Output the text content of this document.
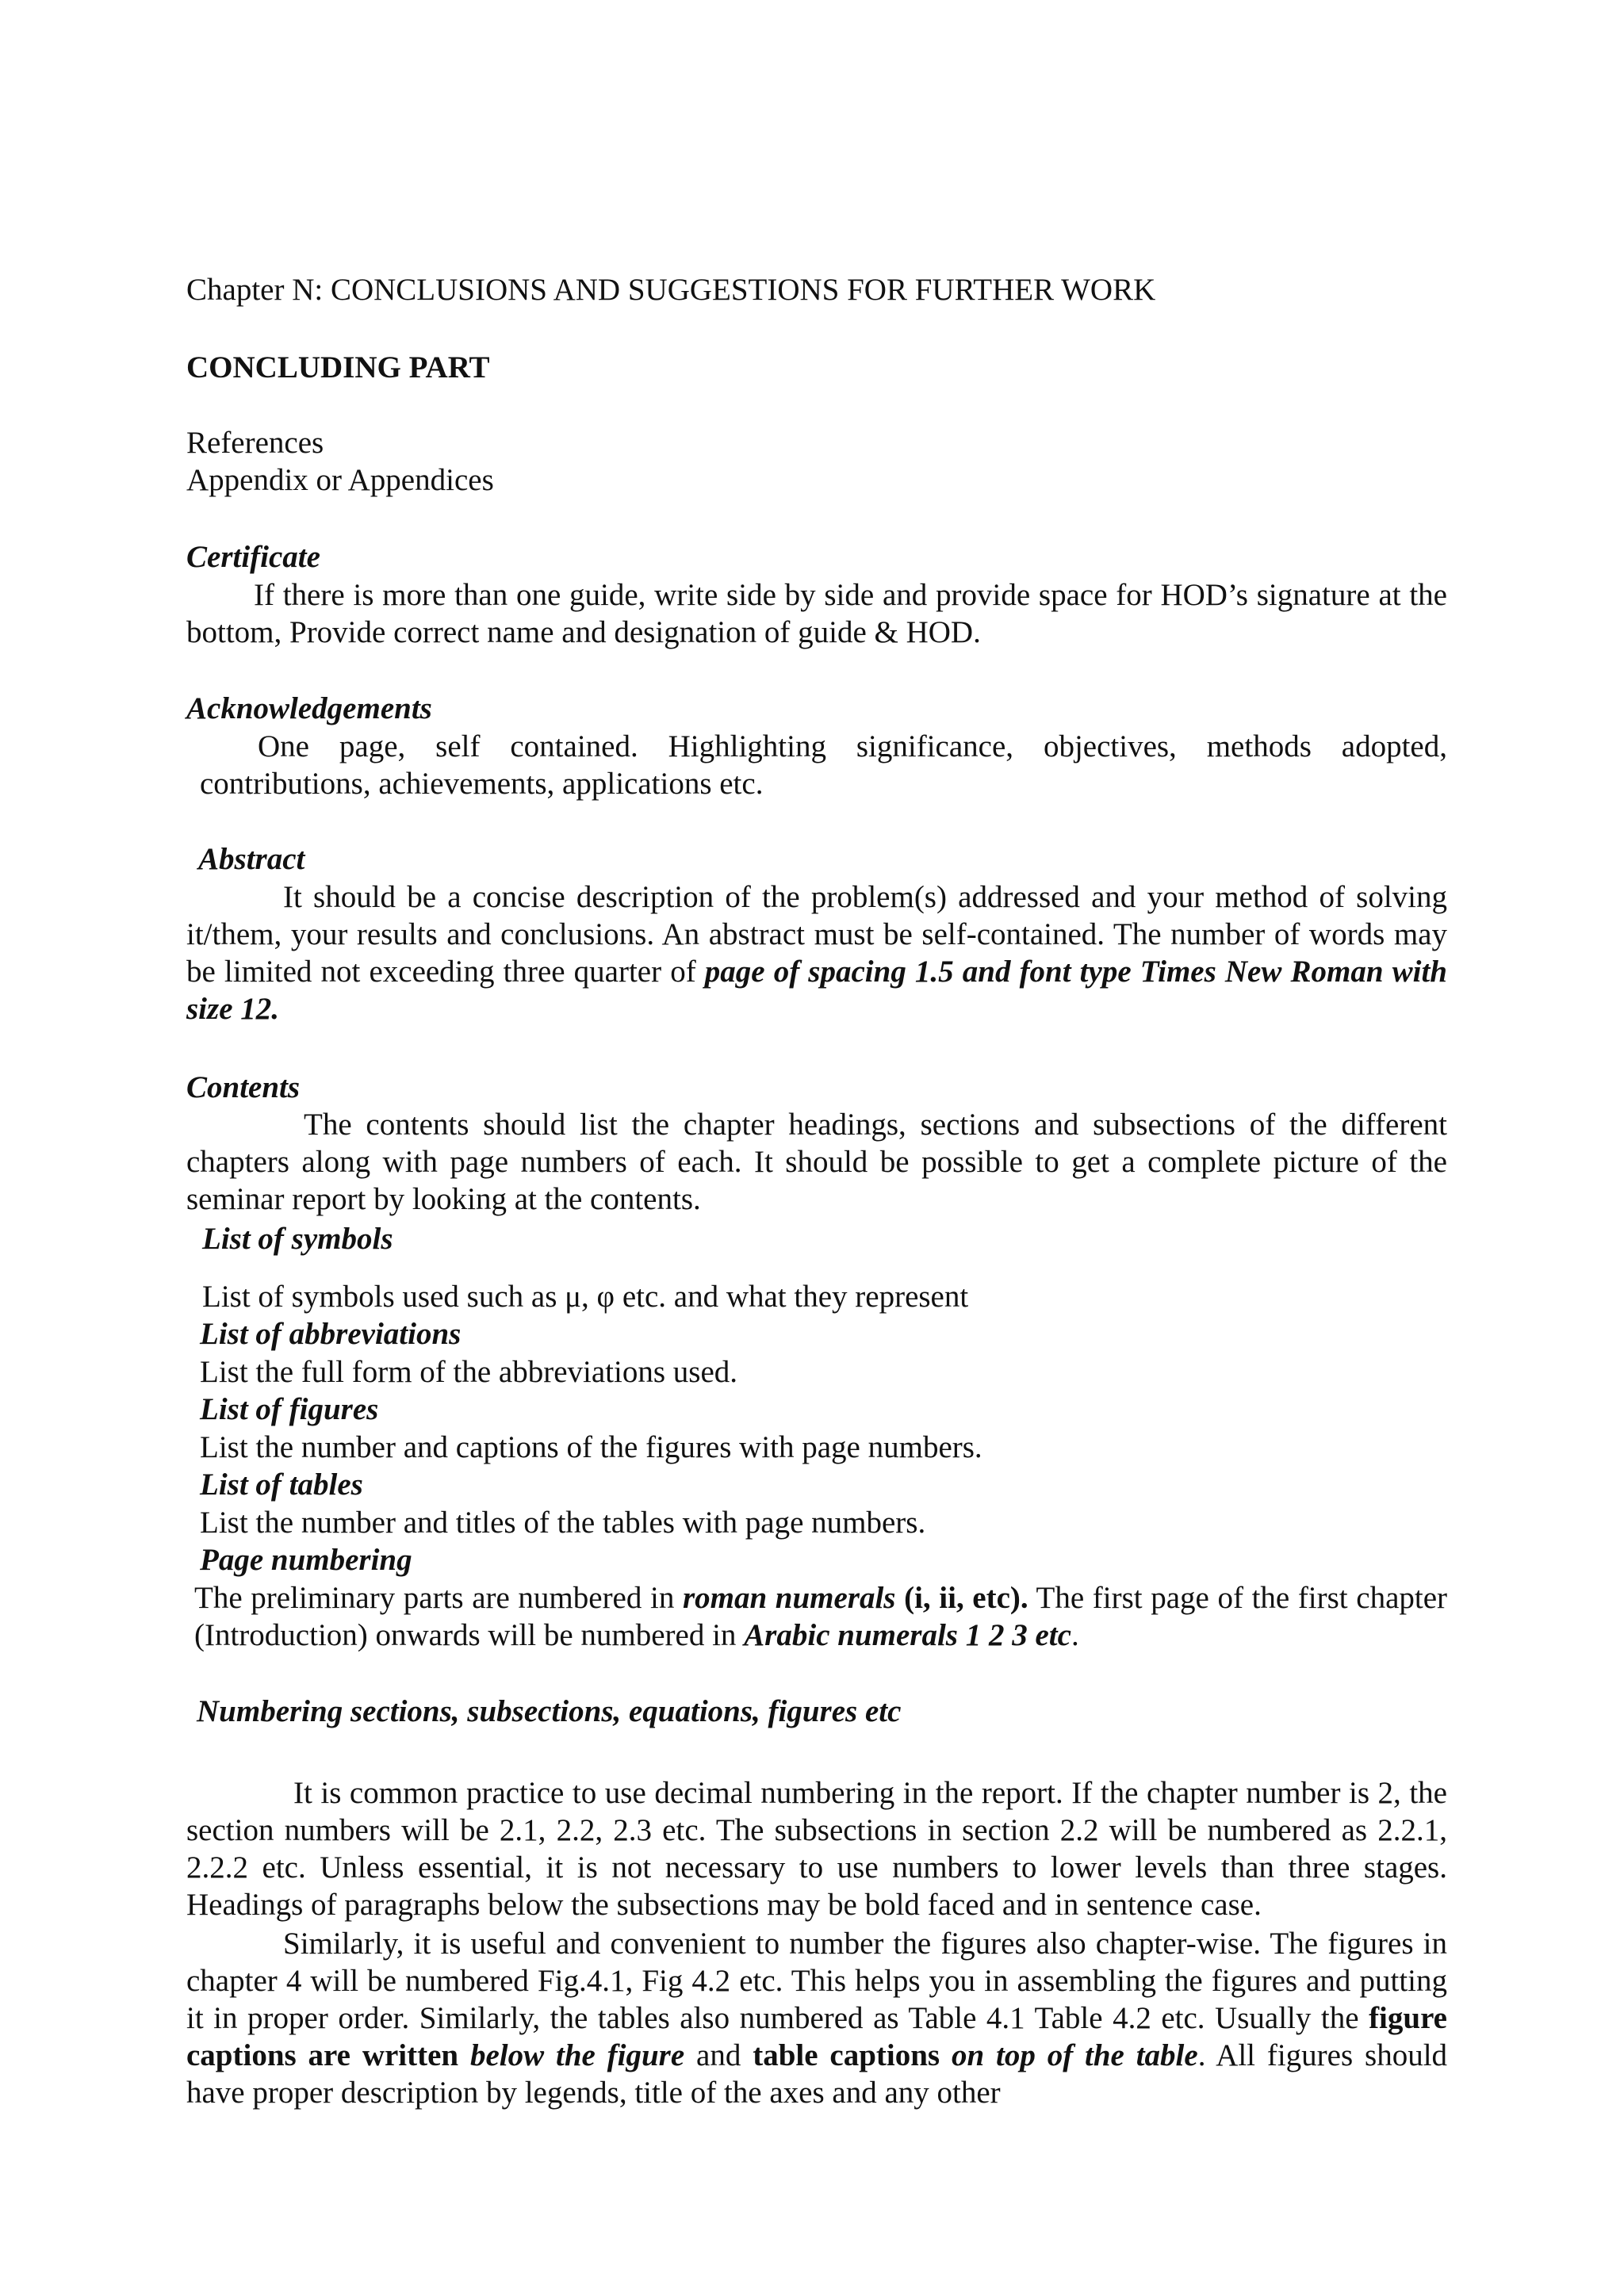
Chapter N: CONCLUSIONS AND SUGGESTIONS FOR FURTHER WORK

CONCLUDING PART

References

Appendix or Appendices

Certificate

If there is more than one guide, write side by side and provide space for HOD’s signature at the bottom, Provide correct name and designation of guide & HOD.

Acknowledgements

One page, self contained. Highlighting significance, objectives, methods adopted, contributions, achievements, applications etc.

Abstract

It should be a concise description of the problem(s) addressed and your method of solving it/them, your results and conclusions. An abstract must be self-contained. The number of words may be limited not exceeding three quarter of page of spacing 1.5 and font type Times New Roman with size 12.

Contents

The contents should list the chapter headings, sections and subsections of the different chapters along with page numbers of each. It should be possible to get a complete picture of the seminar report by looking at the contents.

List of symbols

List of symbols used such as μ, φ etc. and what they represent

List of abbreviations

List the full form of the abbreviations used.

List of figures

List the number and captions of the figures with page numbers.

List of tables

List the number and titles of the tables with page numbers.

Page numbering

The preliminary parts are numbered in roman numerals (i, ii, etc). The first page of the first chapter (Introduction) onwards will be numbered in Arabic numerals 1 2 3 etc.

Numbering sections, subsections, equations, figures etc

It is common practice to use decimal numbering in the report. If the chapter number is 2, the section numbers will be 2.1, 2.2, 2.3 etc. The subsections in section 2.2 will be numbered as 2.2.1, 2.2.2 etc. Unless essential, it is not necessary to use numbers to lower levels than three stages. Headings of paragraphs below the subsections may be bold faced and in sentence case.

Similarly, it is useful and convenient to number the figures also chapter-wise. The figures in chapter 4 will be numbered Fig.4.1, Fig 4.2 etc. This helps you in assembling the figures and putting it in proper order. Similarly, the tables also numbered as Table 4.1 Table 4.2 etc. Usually the figure captions are written below the figure and table captions on top of the table. All figures should have proper description by legends, title of the axes and any other
